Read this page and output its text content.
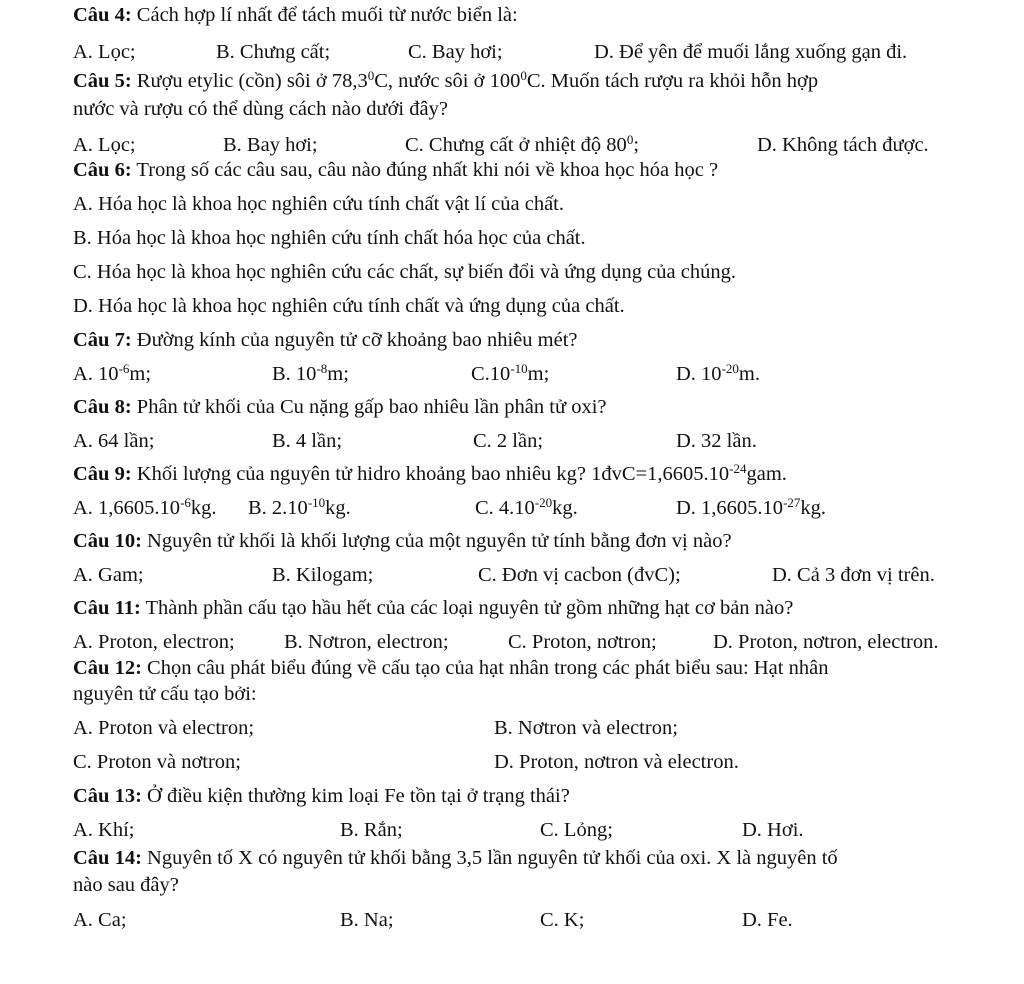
Câu 4: Cách hợp lí nhất để tách muối từ nước biển là:
A. Lọc;	B. Chưng cất;	C. Bay hơi;	D. Để yên để muối lắng xuống gạn đi.
Câu 5: Rượu etylic (cồn) sôi ở 78,3$^0$C, nước sôi ở $100^0C$. Muốn tách rượu ra khỏi hỗn hợp
nước và rượu có thể dùng cách nào dưới đây?
A. Lọc;	B. Bay hơi;	C. Chưng cất ở nhiệt độ $80^0$;	D. Không tách được.
Câu 6: Trong số các câu sau, câu nào đúng nhất khi nói về khoa học hóa học ?
A. Hóa học là khoa học nghiên cứu tính chất vật lí của chất.
B. Hóa học là khoa học nghiên cứu tính chất hóa học của chất.
C. Hóa học là khoa học nghiên cứu các chất, sự biến đổi và ứng dụng của chúng.
D. Hóa học là khoa học nghiên cứu tính chất và ứng dụng của chất.
Câu 7: Đường kính của nguyên tử cỡ khoảng bao nhiêu mét?
A. $10^{-6}m$;	B. $10^{-8}m$;	$C.10^{-10}m$;	D. $10^{-20}m$.
Câu 8: Phân tử khối của Cu nặng gấp bao nhiêu lần phân tử oxi?
A. 64 lần;	B. 4 lần;	C. 2 lần;	D. 32 lần.
Câu 9: Khối lượng của nguyên tử hidro khoảng bao nhiêu kg? $1đvC=1,6605.10^{-24}gam$.
A. $1,6605.10^{-6}kg$. B. $2.10^{-10}kg$.	C. $4.10^{-20}kg$.	D. $1,6605.10^{-27}kg$.
Câu 10: Nguyên tử khối là khối lượng của một nguyên tử tính bằng đơn vị nào?
A. Gam;	B. Kilogam;	C. Đơn vị cacbon (đvC);	D. Cả 3 đơn vị trên.
Câu 11: Thành phần cấu tạo hầu hết của các loại nguyên tử gồm những hạt cơ bản nào?
A. Proton, electron; B. Nơtron, electron;	C. Proton, nơtron;	D. Proton, nơtron, electron.
Câu 12: Chọn câu phát biểu đúng về cấu tạo của hạt nhân trong các phát biểu sau: Hạt nhân
nguyên tử cấu tạo bởi:
A. Proton và electron;	B. Nơtron và electron;
C. Proton và nơtron;	D. Proton, nơtron và electron.
Câu 13: Ở điều kiện thường kim loại Fe tồn tại ở trạng thái?
A. Khí;	B. Rắn;	C. Lỏng;	D. Hơi.
Câu 14: Nguyên tố X có nguyên tử khối bằng 3,5 lần nguyên tử khối của oxi. X là nguyên tố
nào sau đây?
A. Ca;	B. Na;	C. K;	D. Fe.
